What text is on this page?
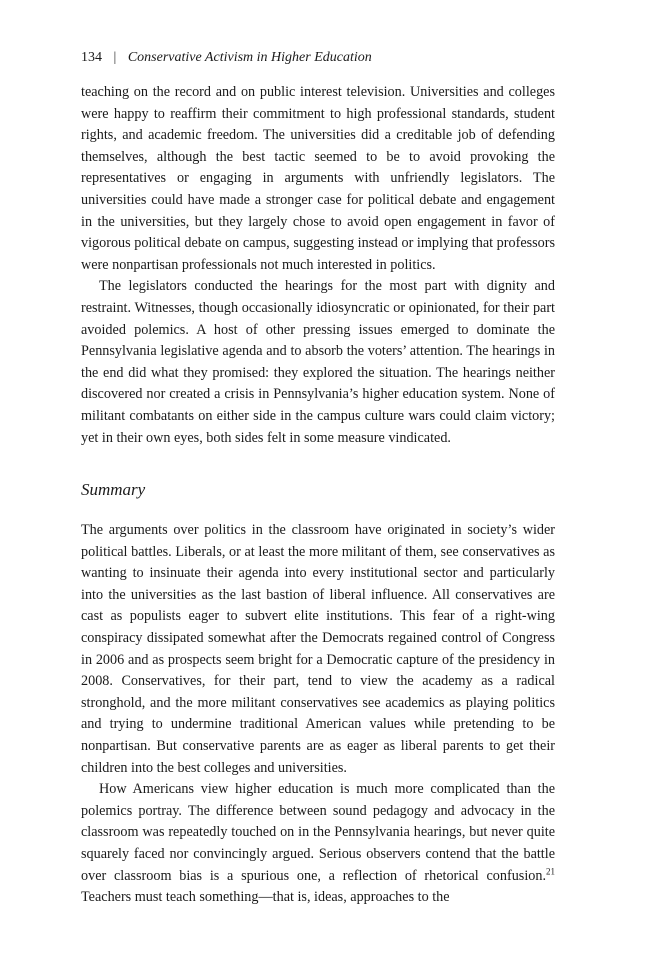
134 | Conservative Activism in Higher Education

teaching on the record and on public interest television. Universities and colleges were happy to reaffirm their commitment to high professional standards, student rights, and academic freedom. The universities did a creditable job of defending themselves, although the best tactic seemed to be to avoid provoking the representatives or engaging in arguments with unfriendly legislators. The universities could have made a stronger case for political debate and engagement in the universities, but they largely chose to avoid open engagement in favor of vigorous political debate on campus, suggesting instead or implying that professors were nonpartisan professionals not much interested in politics.

The legislators conducted the hearings for the most part with dignity and restraint. Witnesses, though occasionally idiosyncratic or opinionated, for their part avoided polemics. A host of other pressing issues emerged to dominate the Pennsylvania legislative agenda and to absorb the voters’ attention. The hearings in the end did what they promised: they explored the situation. The hearings neither discovered nor created a crisis in Pennsylvania’s higher education system. None of militant combatants on either side in the campus culture wars could claim victory; yet in their own eyes, both sides felt in some measure vindicated.

Summary

The arguments over politics in the classroom have originated in society’s wider political battles. Liberals, or at least the more militant of them, see conservatives as wanting to insinuate their agenda into every institutional sector and particularly into the universities as the last bastion of liberal influence. All conservatives are cast as populists eager to subvert elite institutions. This fear of a right-wing conspiracy dissipated somewhat after the Democrats regained control of Congress in 2006 and as prospects seem bright for a Democratic capture of the presidency in 2008. Conservatives, for their part, tend to view the academy as a radical stronghold, and the more militant conservatives see academics as playing politics and trying to undermine traditional American values while pretending to be nonpartisan. But conservative parents are as eager as liberal parents to get their children into the best colleges and universities.

How Americans view higher education is much more complicated than the polemics portray. The difference between sound pedagogy and advocacy in the classroom was repeatedly touched on in the Pennsylvania hearings, but never quite squarely faced nor convincingly argued. Serious observers contend that the battle over classroom bias is a spurious one, a reflection of rhetorical confusion.$^{21}$ Teachers must teach something—that is, ideas, approaches to the
